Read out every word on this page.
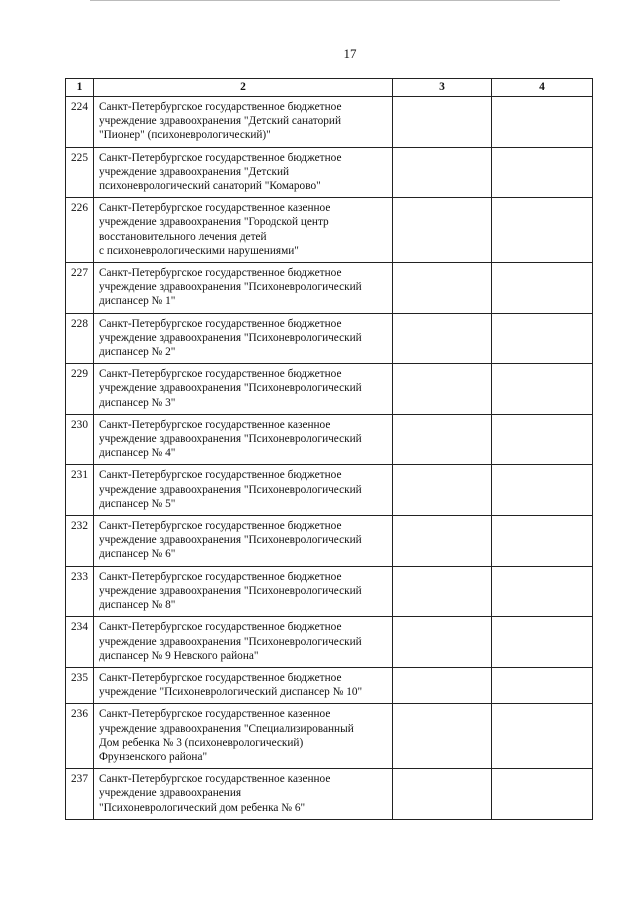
17
1	2	3	4
224	Санкт-Петербургское государственное бюджетное
учреждение здравоохранения "Детский санаторий
"Пионер" (психоневрологический)"		

225	Санкт-Петербургское государственное бюджетное
учреждение здравоохранения "Детский
психоневрологический санаторий "Комарово"		

226	Санкт-Петербургское государственное казенное
учреждение здравоохранения "Городской центр
восстановительного лечения детей
с психоневрологическими нарушениями"		

227	Санкт-Петербургское государственное бюджетное
учреждение здравоохранения "Психоневрологический
диспансер № 1"		

228	Санкт-Петербургское государственное бюджетное
учреждение здравоохранения "Психоневрологический
диспансер № 2"		

229	Санкт-Петербургское государственное бюджетное
учреждение здравоохранения "Психоневрологический
диспансер № 3"		

230	Санкт-Петербургское государственное казенное
учреждение здравоохранения "Психоневрологический
диспансер № 4"		

231	Санкт-Петербургское государственное бюджетное
учреждение здравоохранения "Психоневрологический
диспансер № 5"		

232	Санкт-Петербургское государственное бюджетное
учреждение здравоохранения "Психоневрологический
диспансер № 6"		

233	Санкт-Петербургское государственное бюджетное
учреждение здравоохранения "Психоневрологический
диспансер № 8"		

234	Санкт-Петербургское государственное бюджетное
учреждение здравоохранения "Психоневрологический
диспансер № 9 Невского района"		

235	Санкт-Петербургское государственное бюджетное
учреждение "Психоневрологический диспансер № 10"		

236	Санкт-Петербургское государственное казенное
учреждение здравоохранения "Специализированный
Дом ребенка № 3 (психоневрологический)
Фрунзенского района"		

237	Санкт-Петербургское государственное казенное
учреждение здравоохранения
"Психоневрологический дом ребенка № 6"		
